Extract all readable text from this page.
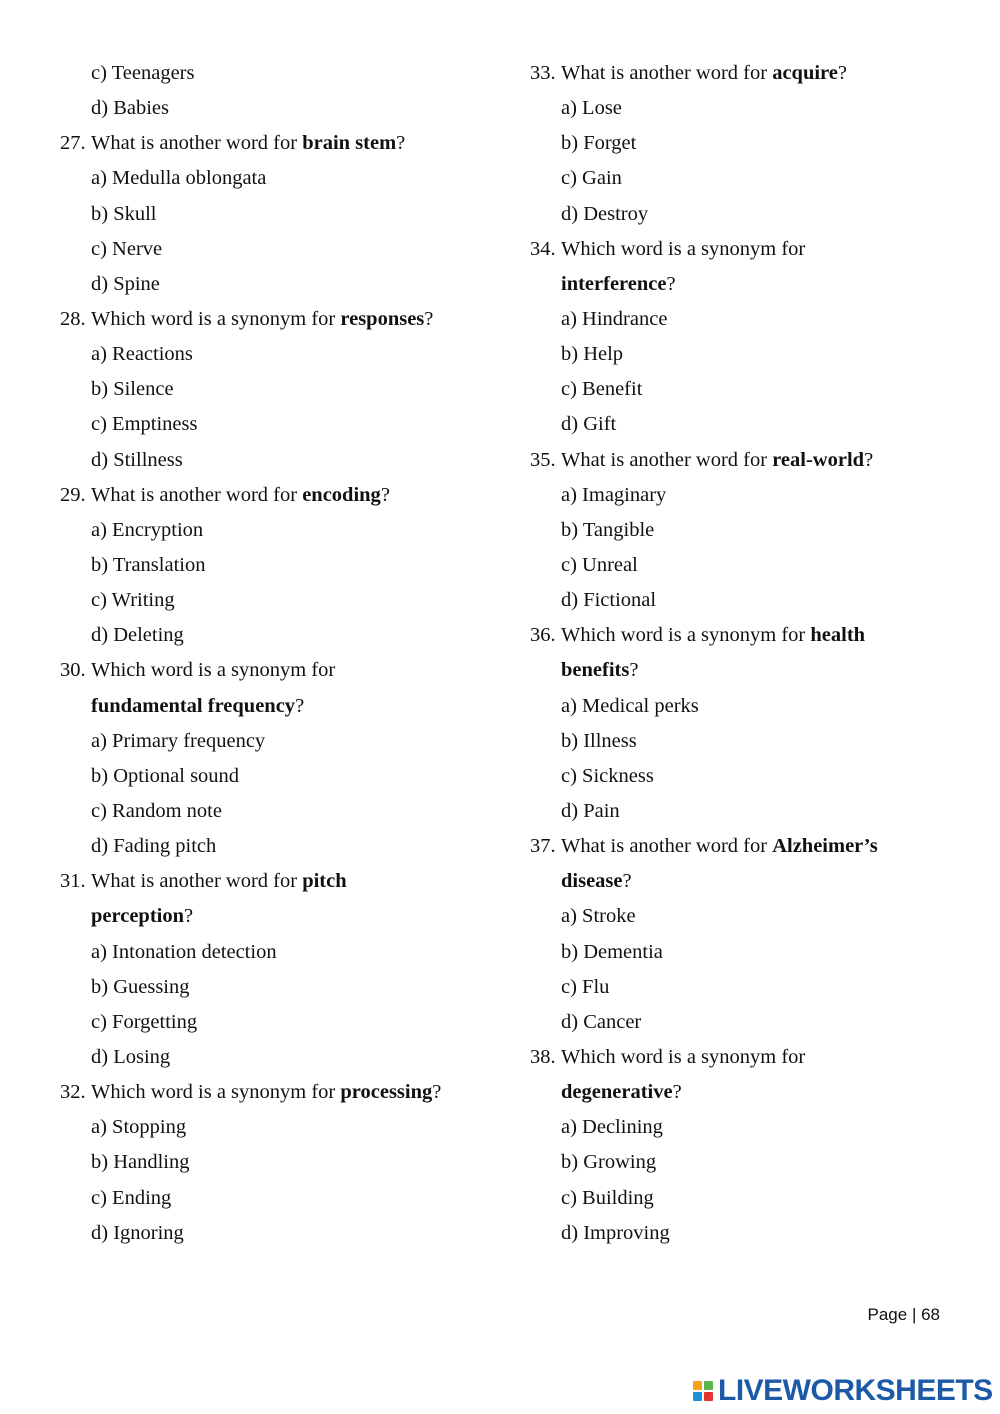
c) Teenagers
d) Babies
27. What is another word for brain stem?
a) Medulla oblongata
b) Skull
c) Nerve
d) Spine
28. Which word is a synonym for responses?
a) Reactions
b) Silence
c) Emptiness
d) Stillness
29. What is another word for encoding?
a) Encryption
b) Translation
c) Writing
d) Deleting
30. Which word is a synonym for
fundamental frequency?
a) Primary frequency
b) Optional sound
c) Random note
d) Fading pitch
31. What is another word for pitch
perception?
a) Intonation detection
b) Guessing
c) Forgetting
d) Losing
32. Which word is a synonym for processing?
a) Stopping
b) Handling
c) Ending
d) Ignoring
33. What is another word for acquire?
a) Lose
b) Forget
c) Gain
d) Destroy
34. Which word is a synonym for
interference?
a) Hindrance
b) Help
c) Benefit
d) Gift
35. What is another word for real-world?
a) Imaginary
b) Tangible
c) Unreal
d) Fictional
36. Which word is a synonym for health
benefits?
a) Medical perks
b) Illness
c) Sickness
d) Pain
37. What is another word for Alzheimer’s
disease?
a) Stroke
b) Dementia
c) Flu
d) Cancer
38. Which word is a synonym for
degenerative?
a) Declining
b) Growing
c) Building
d) Improving
Page | 68
LIVEWORKSHEETS
